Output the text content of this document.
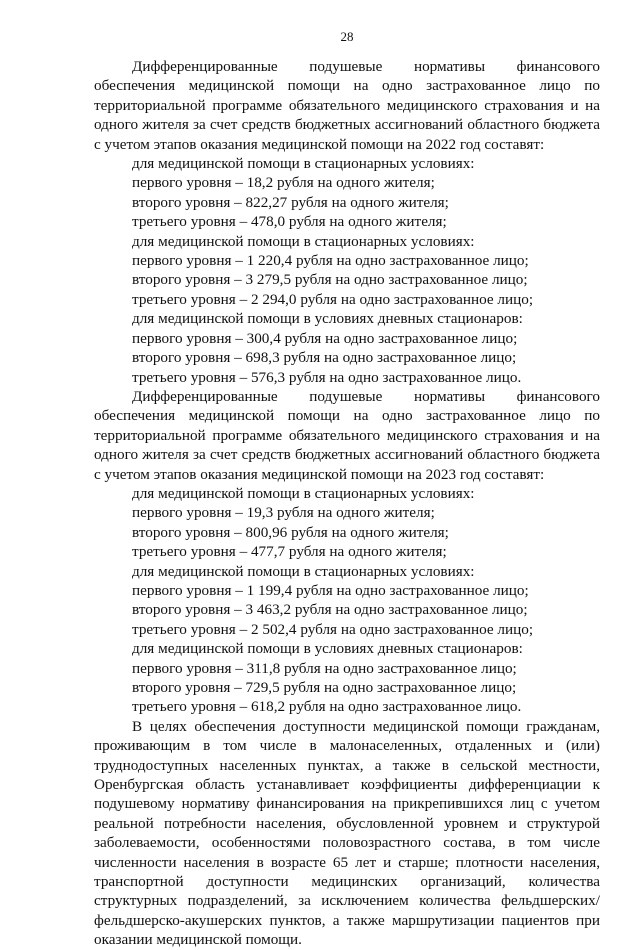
28

Дифференцированные подушевые нормативы финансового обеспечения медицинской помощи на одно застрахованное лицо по территориальной программе обязательного медицинского страхования и на одного жителя за счет средств бюджетных ассигнований областного бюджета с учетом этапов оказания медицинской помощи на 2022 год составят:

для медицинской помощи в стационарных условиях:
первого уровня – 18,2 рубля на одного жителя;
второго уровня – 822,27 рубля на одного жителя;
третьего уровня – 478,0 рубля на одного жителя;
для медицинской помощи в стационарных условиях:
первого уровня – 1 220,4 рубля на одно застрахованное лицо;
второго уровня – 3 279,5 рубля на одно застрахованное лицо;
третьего уровня – 2 294,0 рубля на одно застрахованное лицо;
для медицинской помощи в условиях дневных стационаров:
первого уровня – 300,4 рубля на одно застрахованное лицо;
второго уровня – 698,3 рубля на одно застрахованное лицо;
третьего уровня – 576,3 рубля на одно застрахованное лицо.

Дифференцированные подушевые нормативы финансового обеспечения медицинской помощи на одно застрахованное лицо по территориальной программе обязательного медицинского страхования и на одного жителя за счет средств бюджетных ассигнований областного бюджета с учетом этапов оказания медицинской помощи на 2023 год составят:

для медицинской помощи в стационарных условиях:
первого уровня – 19,3 рубля на одного жителя;
второго уровня – 800,96 рубля на одного жителя;
третьего уровня – 477,7 рубля на одного жителя;
для медицинской помощи в стационарных условиях:
первого уровня – 1 199,4 рубля на одно застрахованное лицо;
второго уровня – 3 463,2 рубля на одно застрахованное лицо;
третьего уровня – 2 502,4 рубля на одно застрахованное лицо;
для медицинской помощи в условиях дневных стационаров:
первого уровня – 311,8 рубля на одно застрахованное лицо;
второго уровня – 729,5 рубля на одно застрахованное лицо;
третьего уровня – 618,2 рубля на одно застрахованное лицо.

В целях обеспечения доступности медицинской помощи гражданам, проживающим в том числе в малонаселенных, отдаленных и (или) труднодоступных населенных пунктах, а также в сельской местности, Оренбургская область устанавливает коэффициенты дифференциации к подушевому нормативу финансирования на прикрепившихся лиц с учетом реальной потребности населения, обусловленной уровнем и структурой заболеваемости, особенностями половозрастного состава, в том числе численности населения в возрасте 65 лет и старше; плотности населения, транспортной доступности медицинских организаций, количества структурных подразделений, за исключением количества фельдшерских/фельдшерско-акушерских пунктов, а также маршрутизации пациентов при оказании медицинской помощи.
